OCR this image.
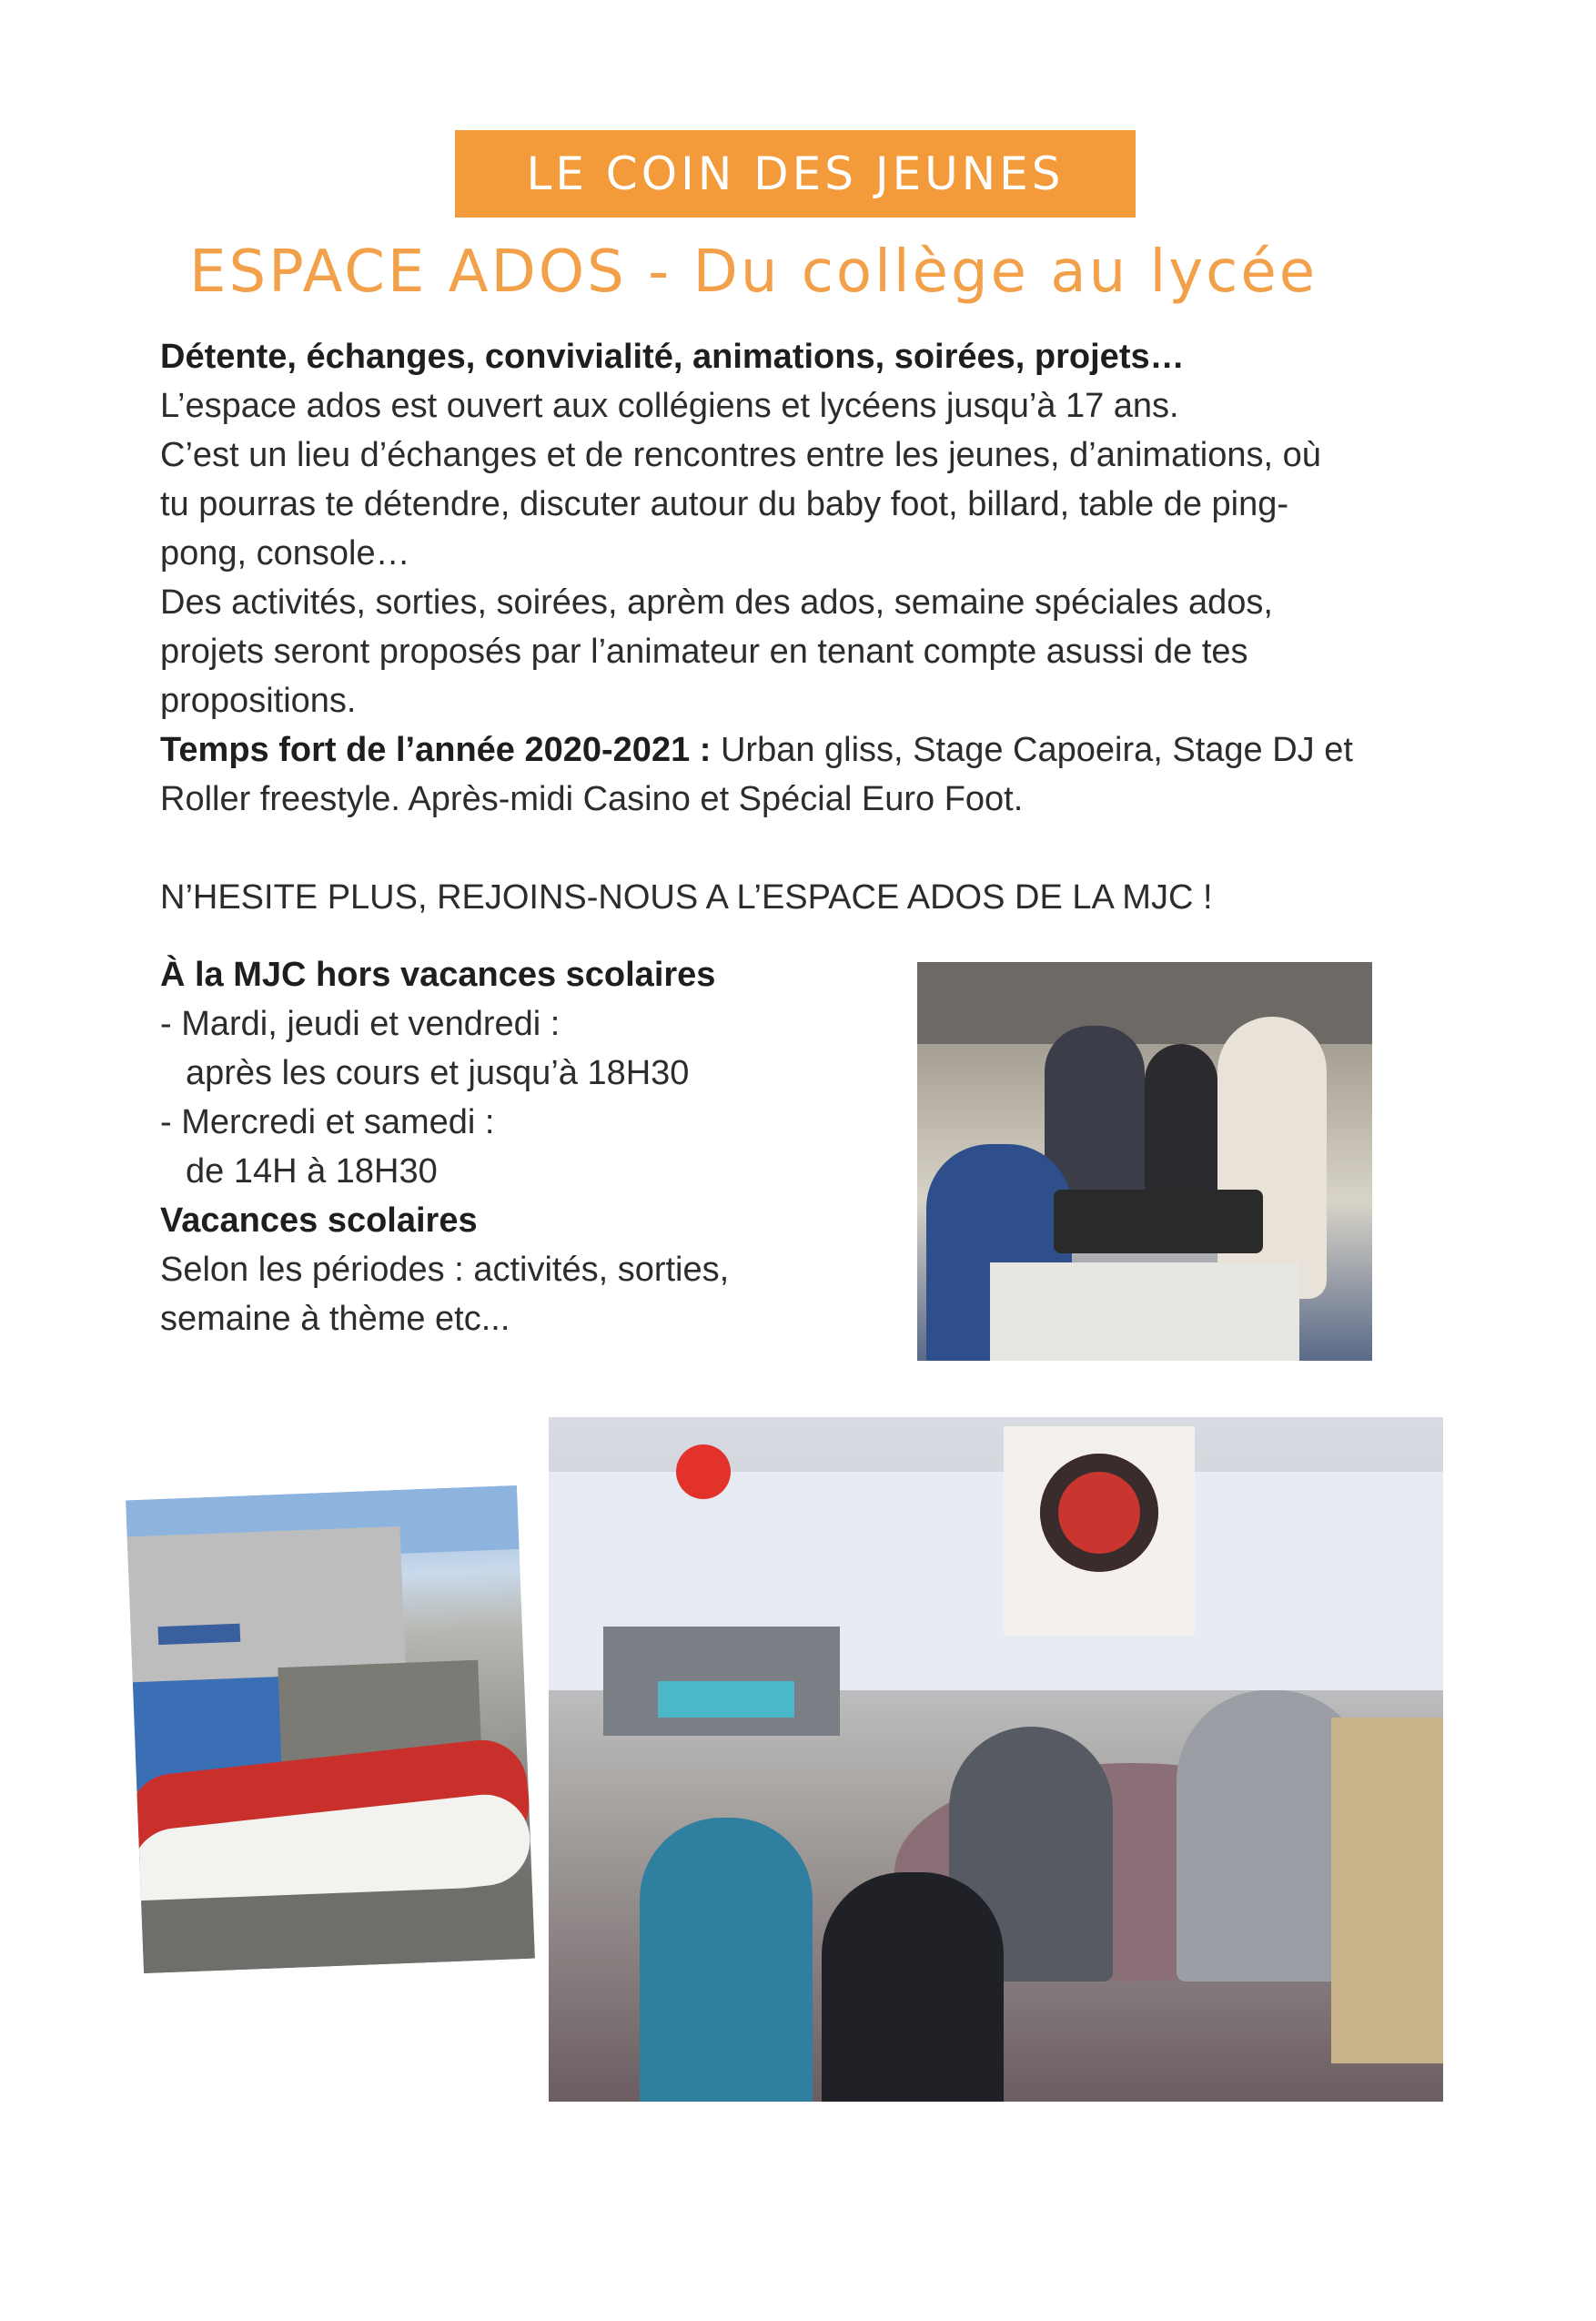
LE COIN DES JEUNES
ESPACE ADOS - Du collège au lycée
Détente, échanges, convivialité, animations, soirées, projets…
L’espace ados est ouvert aux collégiens et lycéens jusqu’à 17 ans.
C’est un lieu d’échanges et de rencontres entre les jeunes, d’animations, où
tu pourras te détendre, discuter autour du baby foot, billard, table de ping-
pong, console…
Des activités, sorties, soirées, aprèm des ados, semaine spéciales ados,
projets seront proposés par l’animateur en tenant compte asussi de tes
propositions.
Temps fort de l’année 2020-2021 : Urban gliss, Stage Capoeira, Stage DJ et
Roller freestyle. Après-midi Casino et Spécial Euro Foot.
N’HESITE PLUS, REJOINS-NOUS A L’ESPACE ADOS DE LA MJC !
À la MJC hors vacances scolaires
- Mardi, jeudi et vendredi :
après les cours et jusqu’à 18H30
- Mercredi et samedi :
de 14H à 18H30
Vacances scolaires
Selon les périodes : activités, sorties,
semaine à thème etc...
